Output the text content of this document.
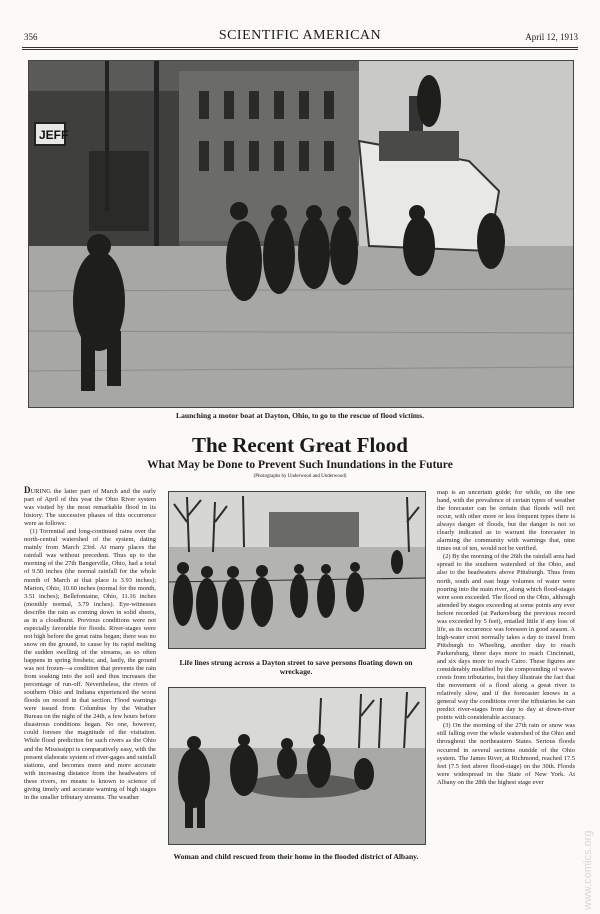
356	SCIENTIFIC AMERICAN	April 12, 1913
JEFF
Launching a motor boat at Dayton, Ohio, to go to the rescue of flood victims.
The Recent Great Flood
What May be Done to Prevent Such Inundations in the Future
(Photographs by Underwood and Underwood)

DURING the latter part of March and the early part of April of this year the Ohio River system was visited by the most remarkable flood in its history. The successive phases of this occurrence were as follows:

(1) Torrential and long-continued rains over the north-central watershed of the system, dating mainly from March 23rd. At many places the rainfall was without precedent. Thus up to the morning of the 27th Bangerville, Ohio, had a total of 9.50 inches (the normal rainfall for the whole month of March at that place is 3.93 inches); Marion, Ohio, 10.60 inches (normal for the month, 3.51 inches); Bellefontaine, Ohio, 11.16 inches (monthly normal, 3.79 inches). Eye-witnesses describe the rain as coming down in solid sheets, as in a cloudburst. Previous conditions were not especially favorable for floods. River-stages were not high before the great rains began; there was no snow on the ground, to cause by its rapid melting the sudden swelling of the streams, as so often happens in spring freshets; and, lastly, the ground was not frozen—a condition that prevents the rain from soaking into the soil and thus increases the percentage of run-off. Nevertheless, the rivers of southern Ohio and Indiana experienced the worst floods on record in that section. Flood warnings were issued from Columbus by the Weather Bureau on the night of the 24th, a few hours before disastrous conditions began. No one, however, could foresee the magnitude of the visitation. While flood prediction for such rivers as the Ohio and the Mississippi is comparatively easy, with the present elaborate system of river-gages and rainfall stations, and becomes more and more accurate with increasing distance from the headwaters of these rivers, no means is known to science of giving timely and accurate warning of high stages in the smaller tributary streams. The weather

Life lines strung across a Dayton street to save persons floating down on wreckage.
Woman and child rescued from their home in the flooded district of Albany.

map is an uncertain guide; for while, on the one hand, with the prevalence of certain types of weather the forecaster can be certain that floods will not occur, with other more or less frequent types there is always danger of floods, but the danger is not so clearly indicated as to warrant the forecaster in alarming the community with warnings that, nine times out of ten, would not be verified.

(2) By the morning of the 26th the rainfall area had spread to the southern watershed of the Ohio, and also to the headwaters above Pittsburgh. Thus from north, south and east huge volumes of water were pouring into the main river, along which flood-stages were soon exceeded. The flood on the Ohio, although attended by stages exceeding at some points any ever before recorded (at Parkersburg the previous record was exceeded by 5 feet), entailed little if any loss of life, as its occurrence was foreseen in good season. A high-water crest normally takes a day to travel from Pittsburgh to Wheeling, another day to reach Parkersburg, three days more to reach Cincinnati, and six days more to reach Cairo. These figures are considerably modified by the compounding of wave-crests from tributaries, but they illustrate the fact that the movement of a flood along a great river is relatively slow, and if the forecaster knows in a general way the conditions over the tributaries he can predict river-stages from day to day at down-river points with considerable accuracy.

(3) On the morning of the 27th rain or snow was still falling over the whole watershed of the Ohio and throughout the northeastern States. Serious floods occurred in several sections outside of the Ohio system. The James River, at Richmond, reached 17.5 feet (7.5 feet above flood-stage) on the 30th. Floods were widespread in the State of New York. At Albany on the 28th the highest stage ever

www.comics.org
